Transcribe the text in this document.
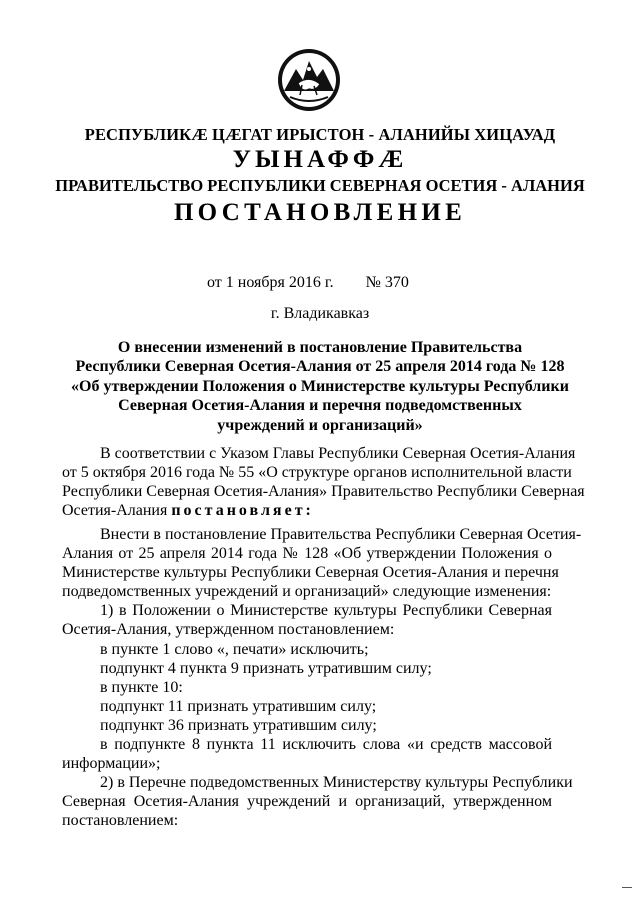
РЕСПУБЛИКӔ ЦӔГАТ ИРЫСТОН - АЛАНИЙЫ ХИЦАУАД
УЫНАФФӔ
ПРАВИТЕЛЬСТВО РЕСПУБЛИКИ СЕВЕРНАЯ ОСЕТИЯ - АЛАНИЯ
ПОСТАНОВЛЕНИЕ
от 1 ноября 2016 г. № 370
г. Владикавказ
О внесении изменений в постановление Правительства
Республики Северная Осетия-Алания от 25 апреля 2014 года № 128
«Об утверждении Положения о Министерстве культуры Республики
Северная Осетия-Алания и перечня подведомственных
учреждений и организаций»
В соответствии с Указом Главы Республики Северная Осетия-Алания
от 5 октября 2016 года № 55 «О структуре органов исполнительной власти
Республики Северная Осетия-Алания» Правительство Республики Северная
Осетия-Алания постановляет:
Внести в постановление Правительства Республики Северная Осетия-
Алания от 25 апреля 2014 года № 128 «Об утверждении Положения о
Министерстве культуры Республики Северная Осетия-Алания и перечня
подведомственных учреждений и организаций» следующие изменения:
1) в Положении о Министерстве культуры Республики Северная
Осетия-Алания, утвержденном постановлением:
в пункте 1 слово «, печати» исключить;
подпункт 4 пункта 9 признать утратившим силу;
в пункте 10:
подпункт 11 признать утратившим силу;
подпункт 36 признать утратившим силу;
в подпункте 8 пункта 11 исключить слова «и средств массовой
информации»;
2) в Перечне подведомственных Министерству культуры Республики
Северная Осетия-Алания учреждений и организаций, утвержденном
постановлением:
